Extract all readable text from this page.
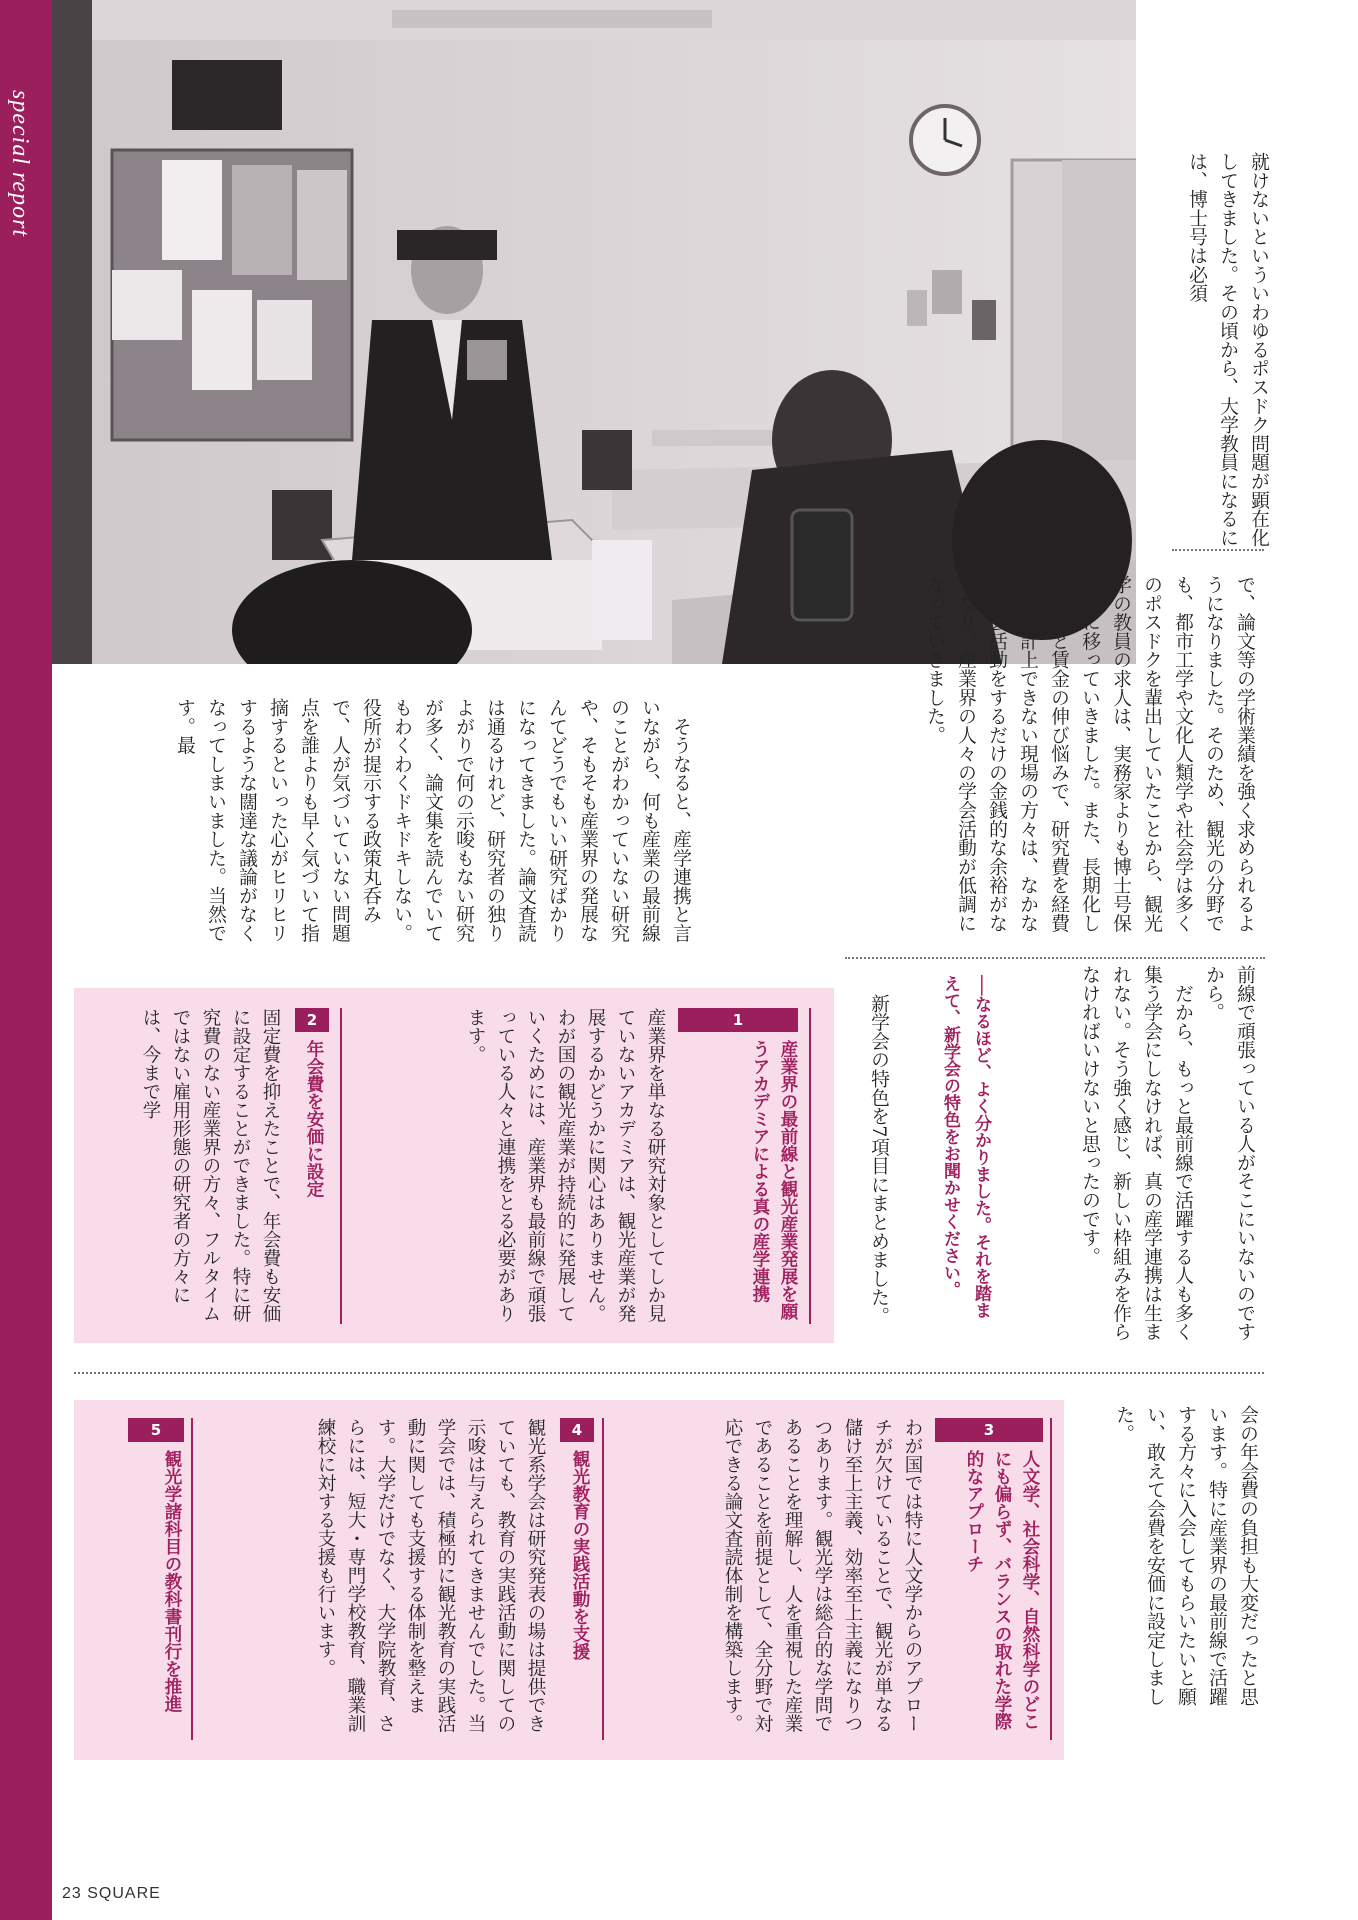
special report	就けないといういわゆるポスドク問題が顕在化してきました。その頃から、大学教員になるには、博士号は必須
で、論文等の学術業績を強く求められるようになりました。そのため、観光の分野でも、都市工学や文化人類学や社会学は多くのポスドクを輩出していたことから、観光学の教員の求人は、実務家よりも博士号保持者に移っていきました。また、長期化した不況と賃金の伸び悩みで、研究費を経費として計上できない現場の方々は、なかなか学会活動をするだけの金銭的な余裕がなくなり、産業界の人々の学会活動が低調になっていきました。
　そうなると、産学連携と言いながら、何も産業の最前線のことがわかっていない研究や、そもそも産業界の発展なんてどうでもいい研究ばかりになってきました。論文査読は通るけれど、研究者の独りよがりで何の示唆もない研究が多く、論文集を読んでいてもわくわくドキドキしない。役所が提示する政策丸呑みで、人が気づいていない問題点を誰よりも早く気づいて指摘するといった心がヒリヒリするような闊達な議論がなくなってしまいました。当然です。最
前線で頑張っている人がそこにいないのですから。
　だから、もっと最前線で活躍する人も多く集う学会にしなければ、真の産学連携は生まれない。そう強く感じ、新しい枠組みを作らなければいけないと思ったのです。
──なるほど、よく分かりました。それを踏まえて、新学会の特色をお聞かせください。
　新学会の特色を7項目にまとめました。
1
産業界の最前線と観光産業発展を願うアカデミアによる真の産学連携
産業界を単なる研究対象としてしか見ていないアカデミアは、観光産業が発展するかどうかに関心はありません。わが国の観光産業が持続的に発展していくためには、産業界も最前線で頑張っている人々と連携をとる必要があります。
2
年会費を安価に設定
固定費を抑えたことで、年会費も安価に設定することができました。特に研究費のない産業界の方々、フルタイムではない雇用形態の研究者の方々には、今まで学
会の年会費の負担も大変だったと思います。特に産業界の最前線で活躍する方々に入会してもらいたいと願い、敢えて会費を安価に設定しました。
3
人文学、社会科学、自然科学のどこにも偏らず、バランスの取れた学際的なアプローチ
わが国では特に人文学からのアプローチが欠けていることで、観光が単なる儲け至上主義、効率至上主義になりつつあります。観光学は総合的な学問であることを理解し、人を重視した産業であることを前提として、全分野で対応できる論文査読体制を構築します。
4
観光教育の実践活動を支援
観光系学会は研究発表の場は提供できていても、教育の実践活動に関しての示唆は与えられてきませんでした。当学会では、積極的に観光教育の実践活動に関しても支援する体制を整えます。大学だけでなく、大学院教育、さらには、短大・専門学校教育、職業訓練校に対する支援も行います。
5
観光学諸科目の教科書刊行を推進
23 SQUARE
